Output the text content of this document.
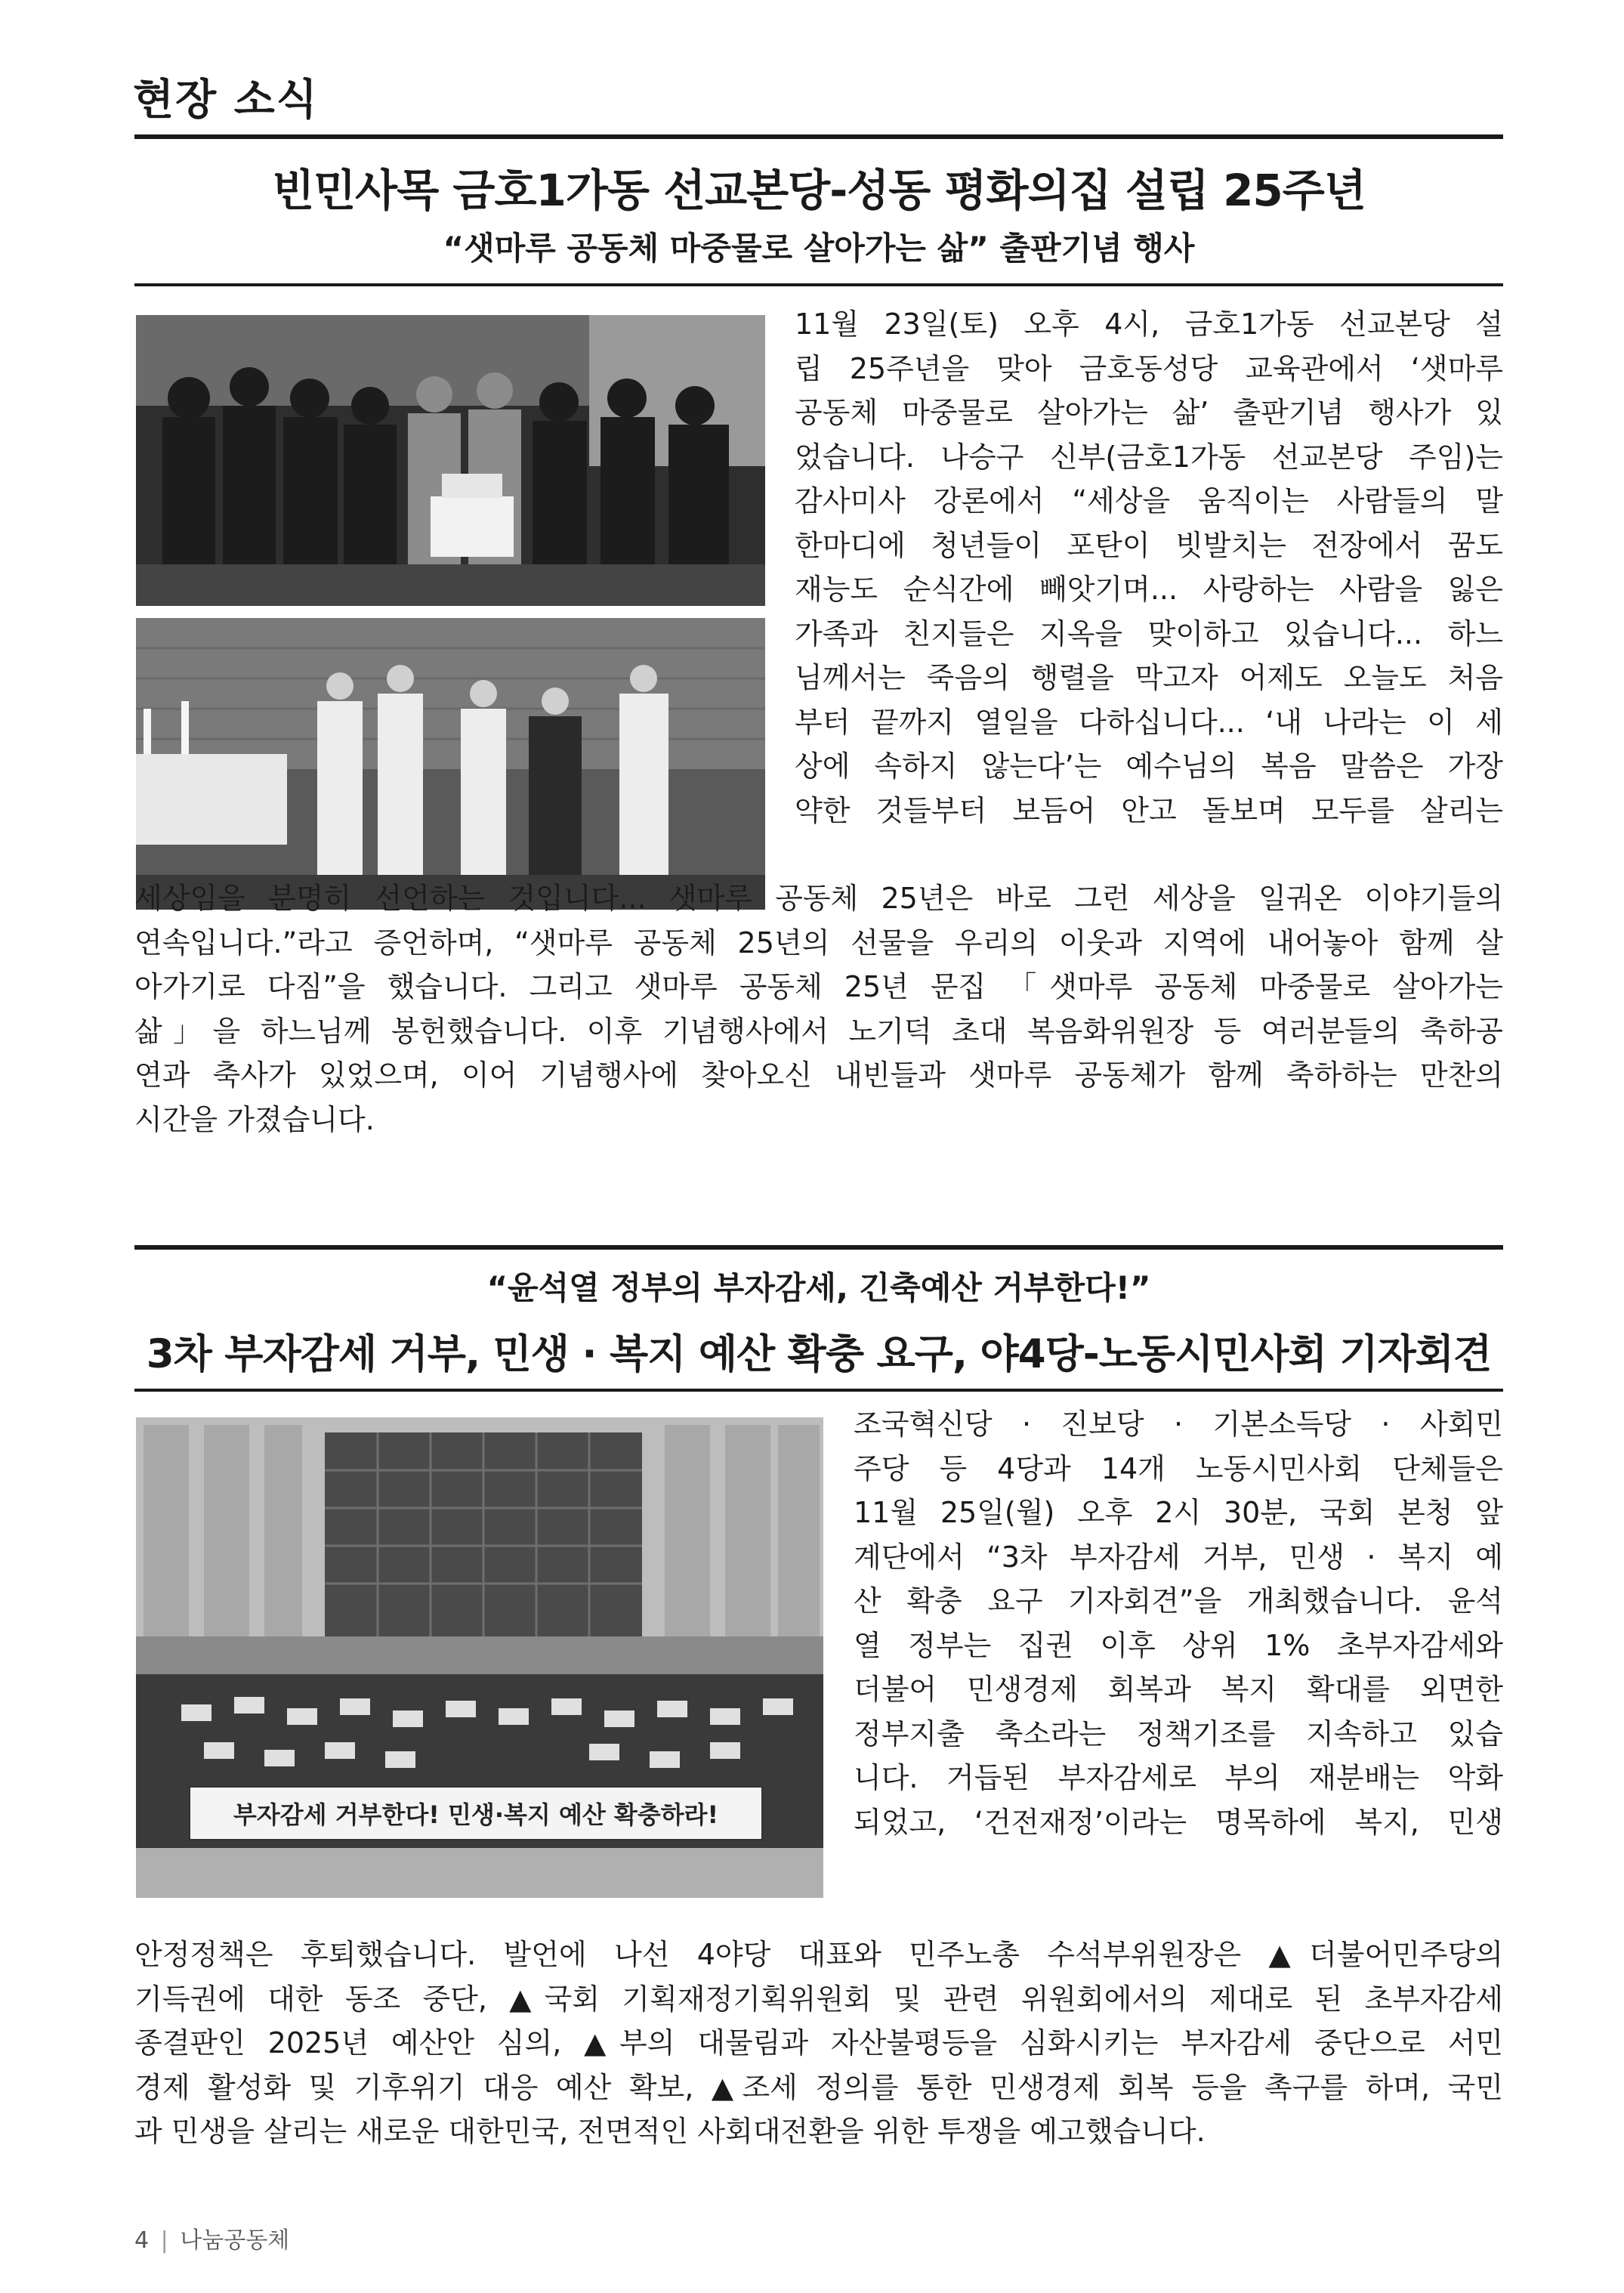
현장 소식
빈민사목 금호1가동 선교본당-성동 평화의집 설립 25주년
“샛마루 공동체 마중물로 살아가는 삶” 출판기념 행사

11월 23일(토) 오후 4시, 금호1가동 선교본당 설
립 25주년을 맞아 금호동성당 교육관에서 ‘샛마루
공동체 마중물로 살아가는 삶’ 출판기념 행사가 있
었습니다. 나승구 신부(금호1가동 선교본당 주임)는
감사미사 강론에서 “세상을 움직이는 사람들의 말
한마디에 청년들이 포탄이 빗발치는 전장에서 꿈도
재능도 순식간에 빼앗기며... 사랑하는 사람을 잃은
가족과 친지들은 지옥을 맞이하고 있습니다... 하느
님께서는 죽음의 행렬을 막고자 어제도 오늘도 처음
부터 끝까지 열일을 다하십니다... ‘내 나라는 이 세
상에 속하지 않는다’는 예수님의 복음 말씀은 가장
약한 것들부터 보듬어 안고 돌보며 모두를 살리는

세상임을 분명히 선언하는 것입니다... 샛마루 공동체 25년은 바로 그런 세상을 일궈온 이야기들의
연속입니다.”라고 증언하며, “샛마루 공동체 25년의 선물을 우리의 이웃과 지역에 내어놓아 함께 살
아가기로 다짐”을 했습니다. 그리고 샛마루 공동체 25년 문집 「샛마루 공동체 마중물로 살아가는
삶」을 하느님께 봉헌했습니다. 이후 기념행사에서 노기덕 초대 복음화위원장 등 여러분들의 축하공
연과 축사가 있었으며, 이어 기념행사에 찾아오신 내빈들과 샛마루 공동체가 함께 축하하는 만찬의
시간을 가졌습니다.

“윤석열 정부의 부자감세, 긴축예산 거부한다!”
3차 부자감세 거부, 민생 · 복지 예산 확충 요구, 야4당-노동시민사회 기자회견
부자감세 거부한다! 민생·복지 예산 확충하라!

조국혁신당 · 진보당 · 기본소득당 · 사회민
주당 등 4당과 14개 노동시민사회 단체들은
11월 25일(월) 오후 2시 30분, 국회 본청 앞
계단에서 “3차 부자감세 거부, 민생 · 복지 예
산 확충 요구 기자회견”을 개최했습니다. 윤석
열 정부는 집권 이후 상위 1% 초부자감세와
더불어 민생경제 회복과 복지 확대를 외면한
정부지출 축소라는 정책기조를 지속하고 있습
니다. 거듭된 부자감세로 부의 재분배는 악화
되었고, ‘건전재정’이라는 명목하에 복지, 민생

안정정책은 후퇴했습니다. 발언에 나선 4야당 대표와 민주노총 수석부위원장은 ▲더불어민주당의
기득권에 대한 동조 중단, ▲국회 기획재정기획위원회 및 관련 위원회에서의 제대로 된 초부자감세
종결판인 2025년 예산안 심의, ▲부의 대물림과 자산불평등을 심화시키는 부자감세 중단으로 서민
경제 활성화 및 기후위기 대응 예산 확보, ▲조세 정의를 통한 민생경제 회복 등을 촉구를 하며, 국민
과 민생을 살리는 새로운 대한민국, 전면적인 사회대전환을 위한 투쟁을 예고했습니다.

4 | 나눔공동체
